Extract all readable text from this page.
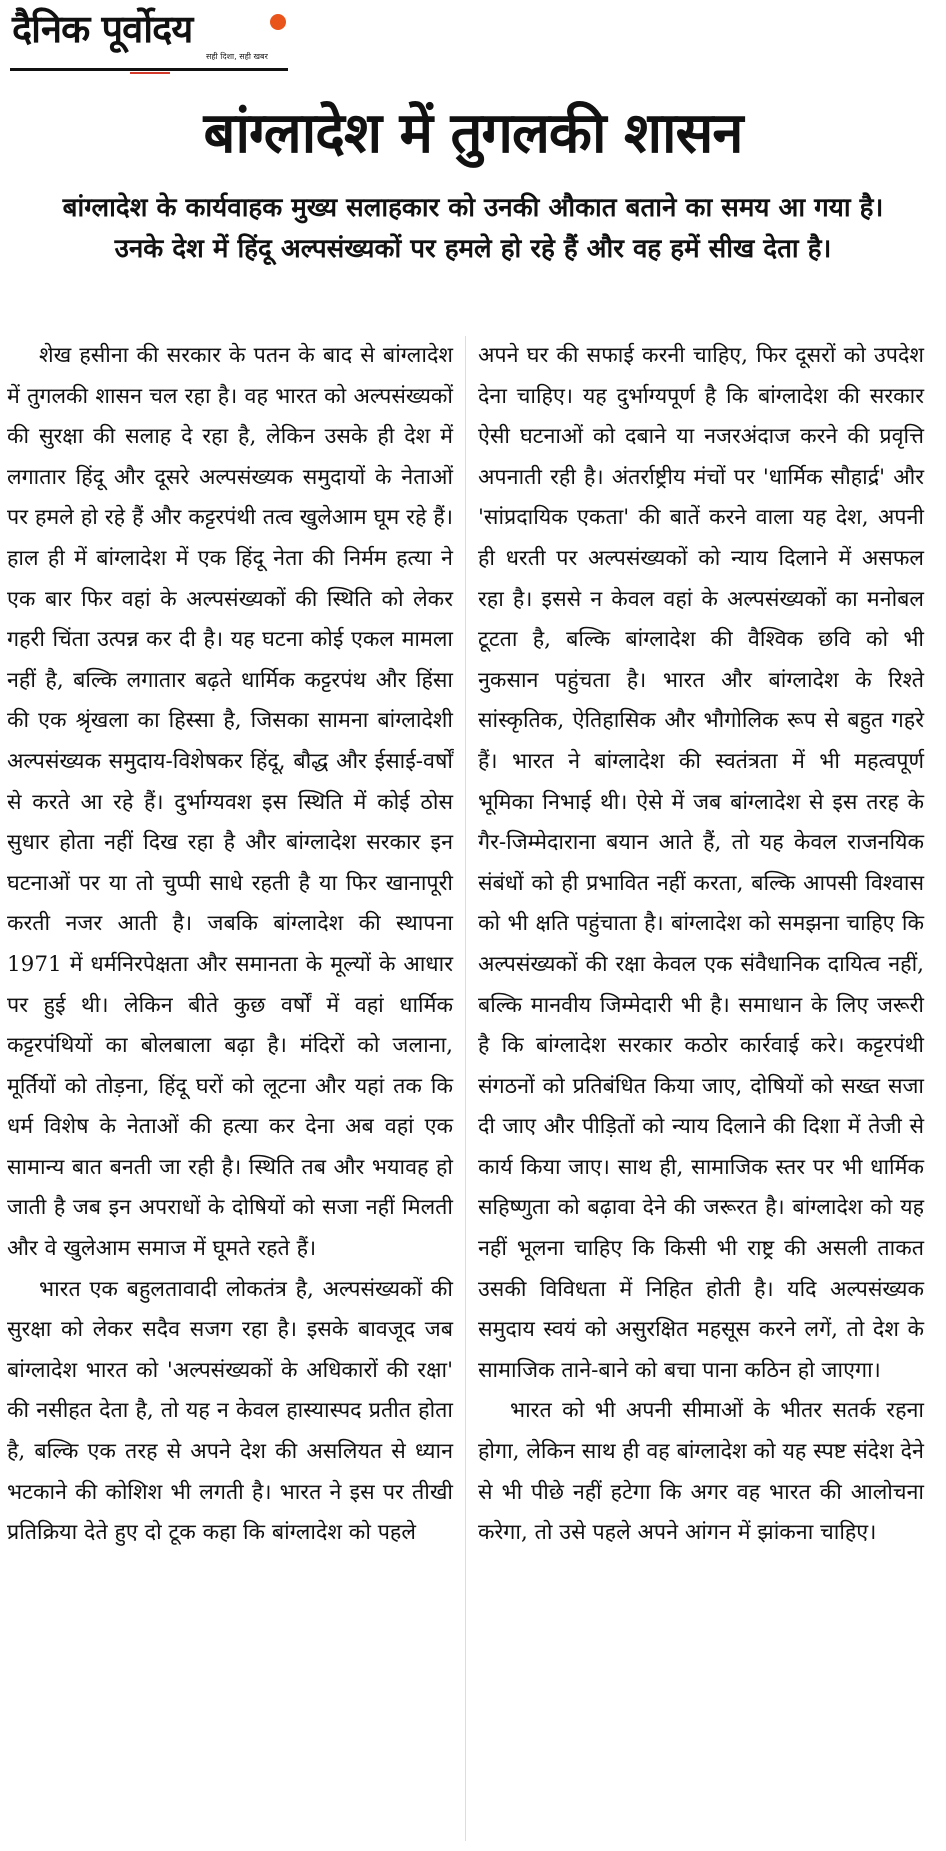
दैनिक पूर्वोदय
सही दिशा, सही खबर
बांग्लादेश में तुगलकी शासन
बांग्लादेश के कार्यवाहक मुख्य सलाहकार को उनकी औकात बताने का समय आ गया है। उनके देश में हिंदू अल्पसंख्यकों पर हमले हो रहे हैं और वह हमें सीख देता है।

शेख हसीना की सरकार के पतन के बाद से बांग्लादेश में तुगलकी शासन चल रहा है। वह भारत को अल्पसंख्यकों की सुरक्षा की सलाह दे रहा है, लेकिन उसके ही देश में लगातार हिंदू और दूसरे अल्पसंख्यक समुदायों के नेताओं पर हमले हो रहे हैं और कट्टरपंथी तत्व खुलेआम घूम रहे हैं। हाल ही में बांग्लादेश में एक हिंदू नेता की निर्मम हत्या ने एक बार फिर वहां के अल्पसंख्यकों की स्थिति को लेकर गहरी चिंता उत्पन्न कर दी है। यह घटना कोई एकल मामला नहीं है, बल्कि लगातार बढ़ते धार्मिक कट्टरपंथ और हिंसा की एक श्रृंखला का हिस्सा है, जिसका सामना बांग्लादेशी अल्पसंख्यक समुदाय-विशेषकर हिंदू, बौद्ध और ईसाई-वर्षों से करते आ रहे हैं। दुर्भाग्यवश इस स्थिति में कोई ठोस सुधार होता नहीं दिख रहा है और बांग्लादेश सरकार इन घटनाओं पर या तो चुप्पी साधे रहती है या फिर खानापूरी करती नजर आती है। जबकि बांग्लादेश की स्थापना 1971 में धर्मनिरपेक्षता और समानता के मूल्यों के आधार पर हुई थी। लेकिन बीते कुछ वर्षों में वहां धार्मिक कट्टरपंथियों का बोलबाला बढ़ा है। मंदिरों को जलाना, मूर्तियों को तोड़ना, हिंदू घरों को लूटना और यहां तक कि धर्म विशेष के नेताओं की हत्या कर देना अब वहां एक सामान्य बात बनती जा रही है। स्थिति तब और भयावह हो जाती है जब इन अपराधों के दोषियों को सजा नहीं मिलती और वे खुलेआम समाज में घूमते रहते हैं।

भारत एक बहुलतावादी लोकतंत्र है, अल्पसंख्यकों की सुरक्षा को लेकर सदैव सजग रहा है। इसके बावजूद जब बांग्लादेश भारत को 'अल्पसंख्यकों के अधिकारों की रक्षा' की नसीहत देता है, तो यह न केवल हास्यास्पद प्रतीत होता है, बल्कि एक तरह से अपने देश की असलियत से ध्यान भटकाने की कोशिश भी लगती है। भारत ने इस पर तीखी प्रतिक्रिया देते हुए दो टूक कहा कि बांग्लादेश को पहले

अपने घर की सफाई करनी चाहिए, फिर दूसरों को उपदेश देना चाहिए। यह दुर्भाग्यपूर्ण है कि बांग्लादेश की सरकार ऐसी घटनाओं को दबाने या नजरअंदाज करने की प्रवृत्ति अपनाती रही है। अंतर्राष्ट्रीय मंचों पर 'धार्मिक सौहार्द्र' और 'सांप्रदायिक एकता' की बातें करने वाला यह देश, अपनी ही धरती पर अल्पसंख्यकों को न्याय दिलाने में असफल रहा है। इससे न केवल वहां के अल्पसंख्यकों का मनोबल टूटता है, बल्कि बांग्लादेश की वैश्विक छवि को भी नुकसान पहुंचता है। भारत और बांग्लादेश के रिश्ते सांस्कृतिक, ऐतिहासिक और भौगोलिक रूप से बहुत गहरे हैं। भारत ने बांग्लादेश की स्वतंत्रता में भी महत्वपूर्ण भूमिका निभाई थी। ऐसे में जब बांग्लादेश से इस तरह के गैर-जिम्मेदाराना बयान आते हैं, तो यह केवल राजनयिक संबंधों को ही प्रभावित नहीं करता, बल्कि आपसी विश्वास को भी क्षति पहुंचाता है। बांग्लादेश को समझना चाहिए कि अल्पसंख्यकों की रक्षा केवल एक संवैधानिक दायित्व नहीं, बल्कि मानवीय जिम्मेदारी भी है। समाधान के लिए जरूरी है कि बांग्लादेश सरकार कठोर कार्रवाई करे। कट्टरपंथी संगठनों को प्रतिबंधित किया जाए, दोषियों को सख्त सजा दी जाए और पीड़ितों को न्याय दिलाने की दिशा में तेजी से कार्य किया जाए। साथ ही, सामाजिक स्तर पर भी धार्मिक सहिष्णुता को बढ़ावा देने की जरूरत है। बांग्लादेश को यह नहीं भूलना चाहिए कि किसी भी राष्ट्र की असली ताकत उसकी विविधता में निहित होती है। यदि अल्पसंख्यक समुदाय स्वयं को असुरक्षित महसूस करने लगें, तो देश के सामाजिक ताने-बाने को बचा पाना कठिन हो जाएगा।

भारत को भी अपनी सीमाओं के भीतर सतर्क रहना होगा, लेकिन साथ ही वह बांग्लादेश को यह स्पष्ट संदेश देने से भी पीछे नहीं हटेगा कि अगर वह भारत की आलोचना करेगा, तो उसे पहले अपने आंगन में झांकना चाहिए।
